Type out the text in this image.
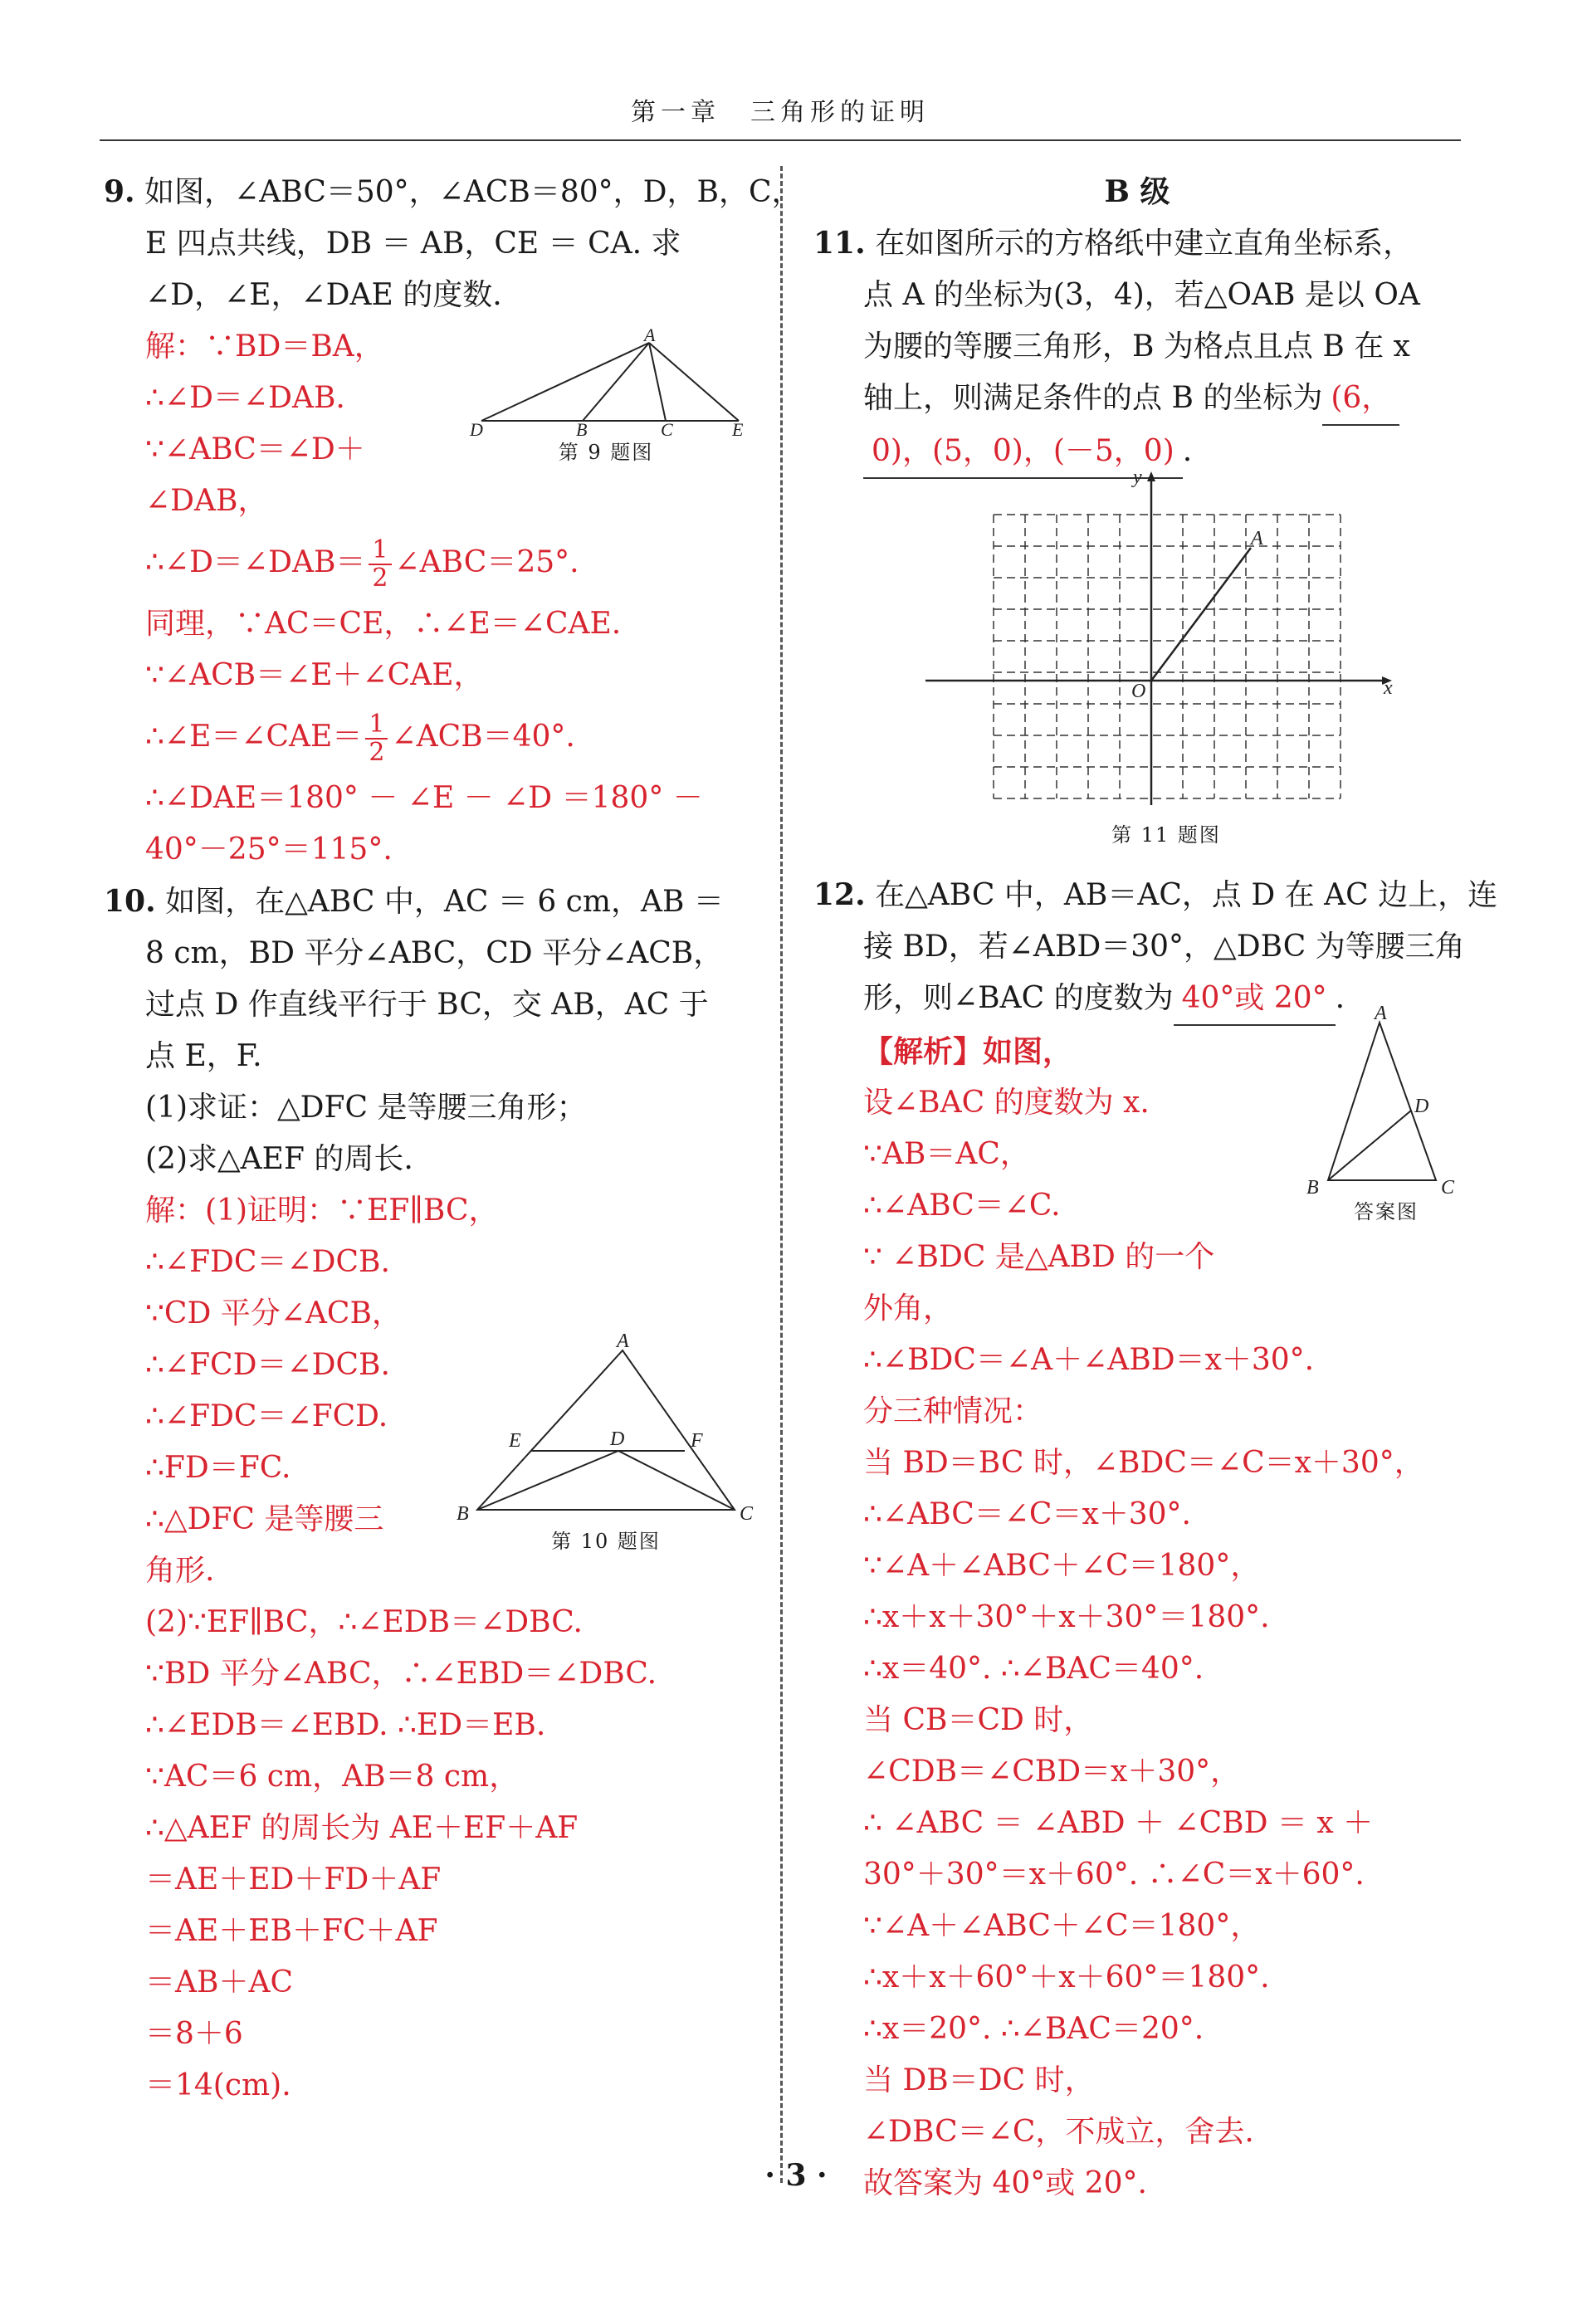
第一章　三角形的证明

9. 如图，∠ABC＝50°，∠ACB＝80°，D，B，C，

E 四点共线，DB ＝ AB，CE ＝ CA. 求

∠D，∠E，∠DAE 的度数.

解：∵BD＝BA，

∴∠D＝∠DAB.

∵∠ABC＝∠D＋

∠DAB，

∴∠D＝∠DAB＝ $\frac{1}{2}$ ∠ABC＝25°.

同理，∵AC＝CE，∴∠E＝∠CAE.

∵∠ACB＝∠E＋∠CAE，

∴∠E＝∠CAE＝ $\frac{1}{2}$ ∠ACB＝40°.

∴∠DAE＝180° － ∠E － ∠D ＝180° －

40°－25°＝115°.

10. 如图，在△ABC 中，AC ＝ 6 cm，AB ＝

8 cm，BD 平分∠ABC，CD 平分∠ACB，

过点 D 作直线平行于 BC，交 AB，AC 于

点 E，F.

(1)求证：△DFC 是等腰三角形；

(2)求△AEF 的周长.

解：(1)证明：∵EF∥BC，

∴∠FDC＝∠DCB.

∵CD 平分∠ACB，

∴∠FCD＝∠DCB.

∴∠FDC＝∠FCD.

∴FD＝FC.

∴△DFC 是等腰三

角形.

(2)∵EF∥BC，∴∠EDB＝∠DBC.

∵BD 平分∠ABC，∴∠EBD＝∠DBC.

∴∠EDB＝∠EBD. ∴ED＝EB.

∵AC＝6 cm，AB＝8 cm，

∴△AEF 的周长为 AE＋EF＋AF

＝AE＋ED＋FD＋AF

＝AE＋EB＋FC＋AF

＝AB＋AC

＝8＋6

＝14(cm).

A
D	B	C	E
第 9 题图
A
E	D	F
B	C
第 10 题图

B 级

11. 在如图所示的方格纸中建立直角坐标系，

点 A 的坐标为(3，4)，若△OAB 是以 OA

为腰的等腰三角形，B 为格点且点 B 在 x

轴上，则满足条件的点 B 的坐标为 (6，

0)，(5，0)，(－5，0) .

12. 在△ABC 中，AB＝AC，点 D 在 AC 边上，连

接 BD，若∠ABD＝30°，△DBC 为等腰三角

形，则∠BAC 的度数为 40°或 20° .

【解析】如图，

设∠BAC 的度数为 x.

∵AB＝AC，

∴∠ABC＝∠C.

∵ ∠BDC 是△ABD 的一个

外角，

∴∠BDC＝∠A＋∠ABD＝x＋30°.

分三种情况：

当 BD＝BC 时，∠BDC＝∠C＝x＋30°，

∴∠ABC＝∠C＝x＋30°.

∵∠A＋∠ABC＋∠C＝180°，

∴x＋x＋30°＋x＋30°＝180°.

∴x＝40°. ∴∠BAC＝40°.

当 CB＝CD 时，

∠CDB＝∠CBD＝x＋30°，

∴ ∠ABC ＝ ∠ABD ＋ ∠CBD ＝ x ＋

30°＋30°＝x＋60°. ∴∠C＝x＋60°.

∵∠A＋∠ABC＋∠C＝180°，

∴x＋x＋60°＋x＋60°＝180°.

∴x＝20°. ∴∠BAC＝20°.

当 DB＝DC 时，

∠DBC＝∠C，不成立，舍去.

故答案为 40°或 20°.

x
y
O
A
第 11 题图
A
D
B	C
答案图
· 3 ·
